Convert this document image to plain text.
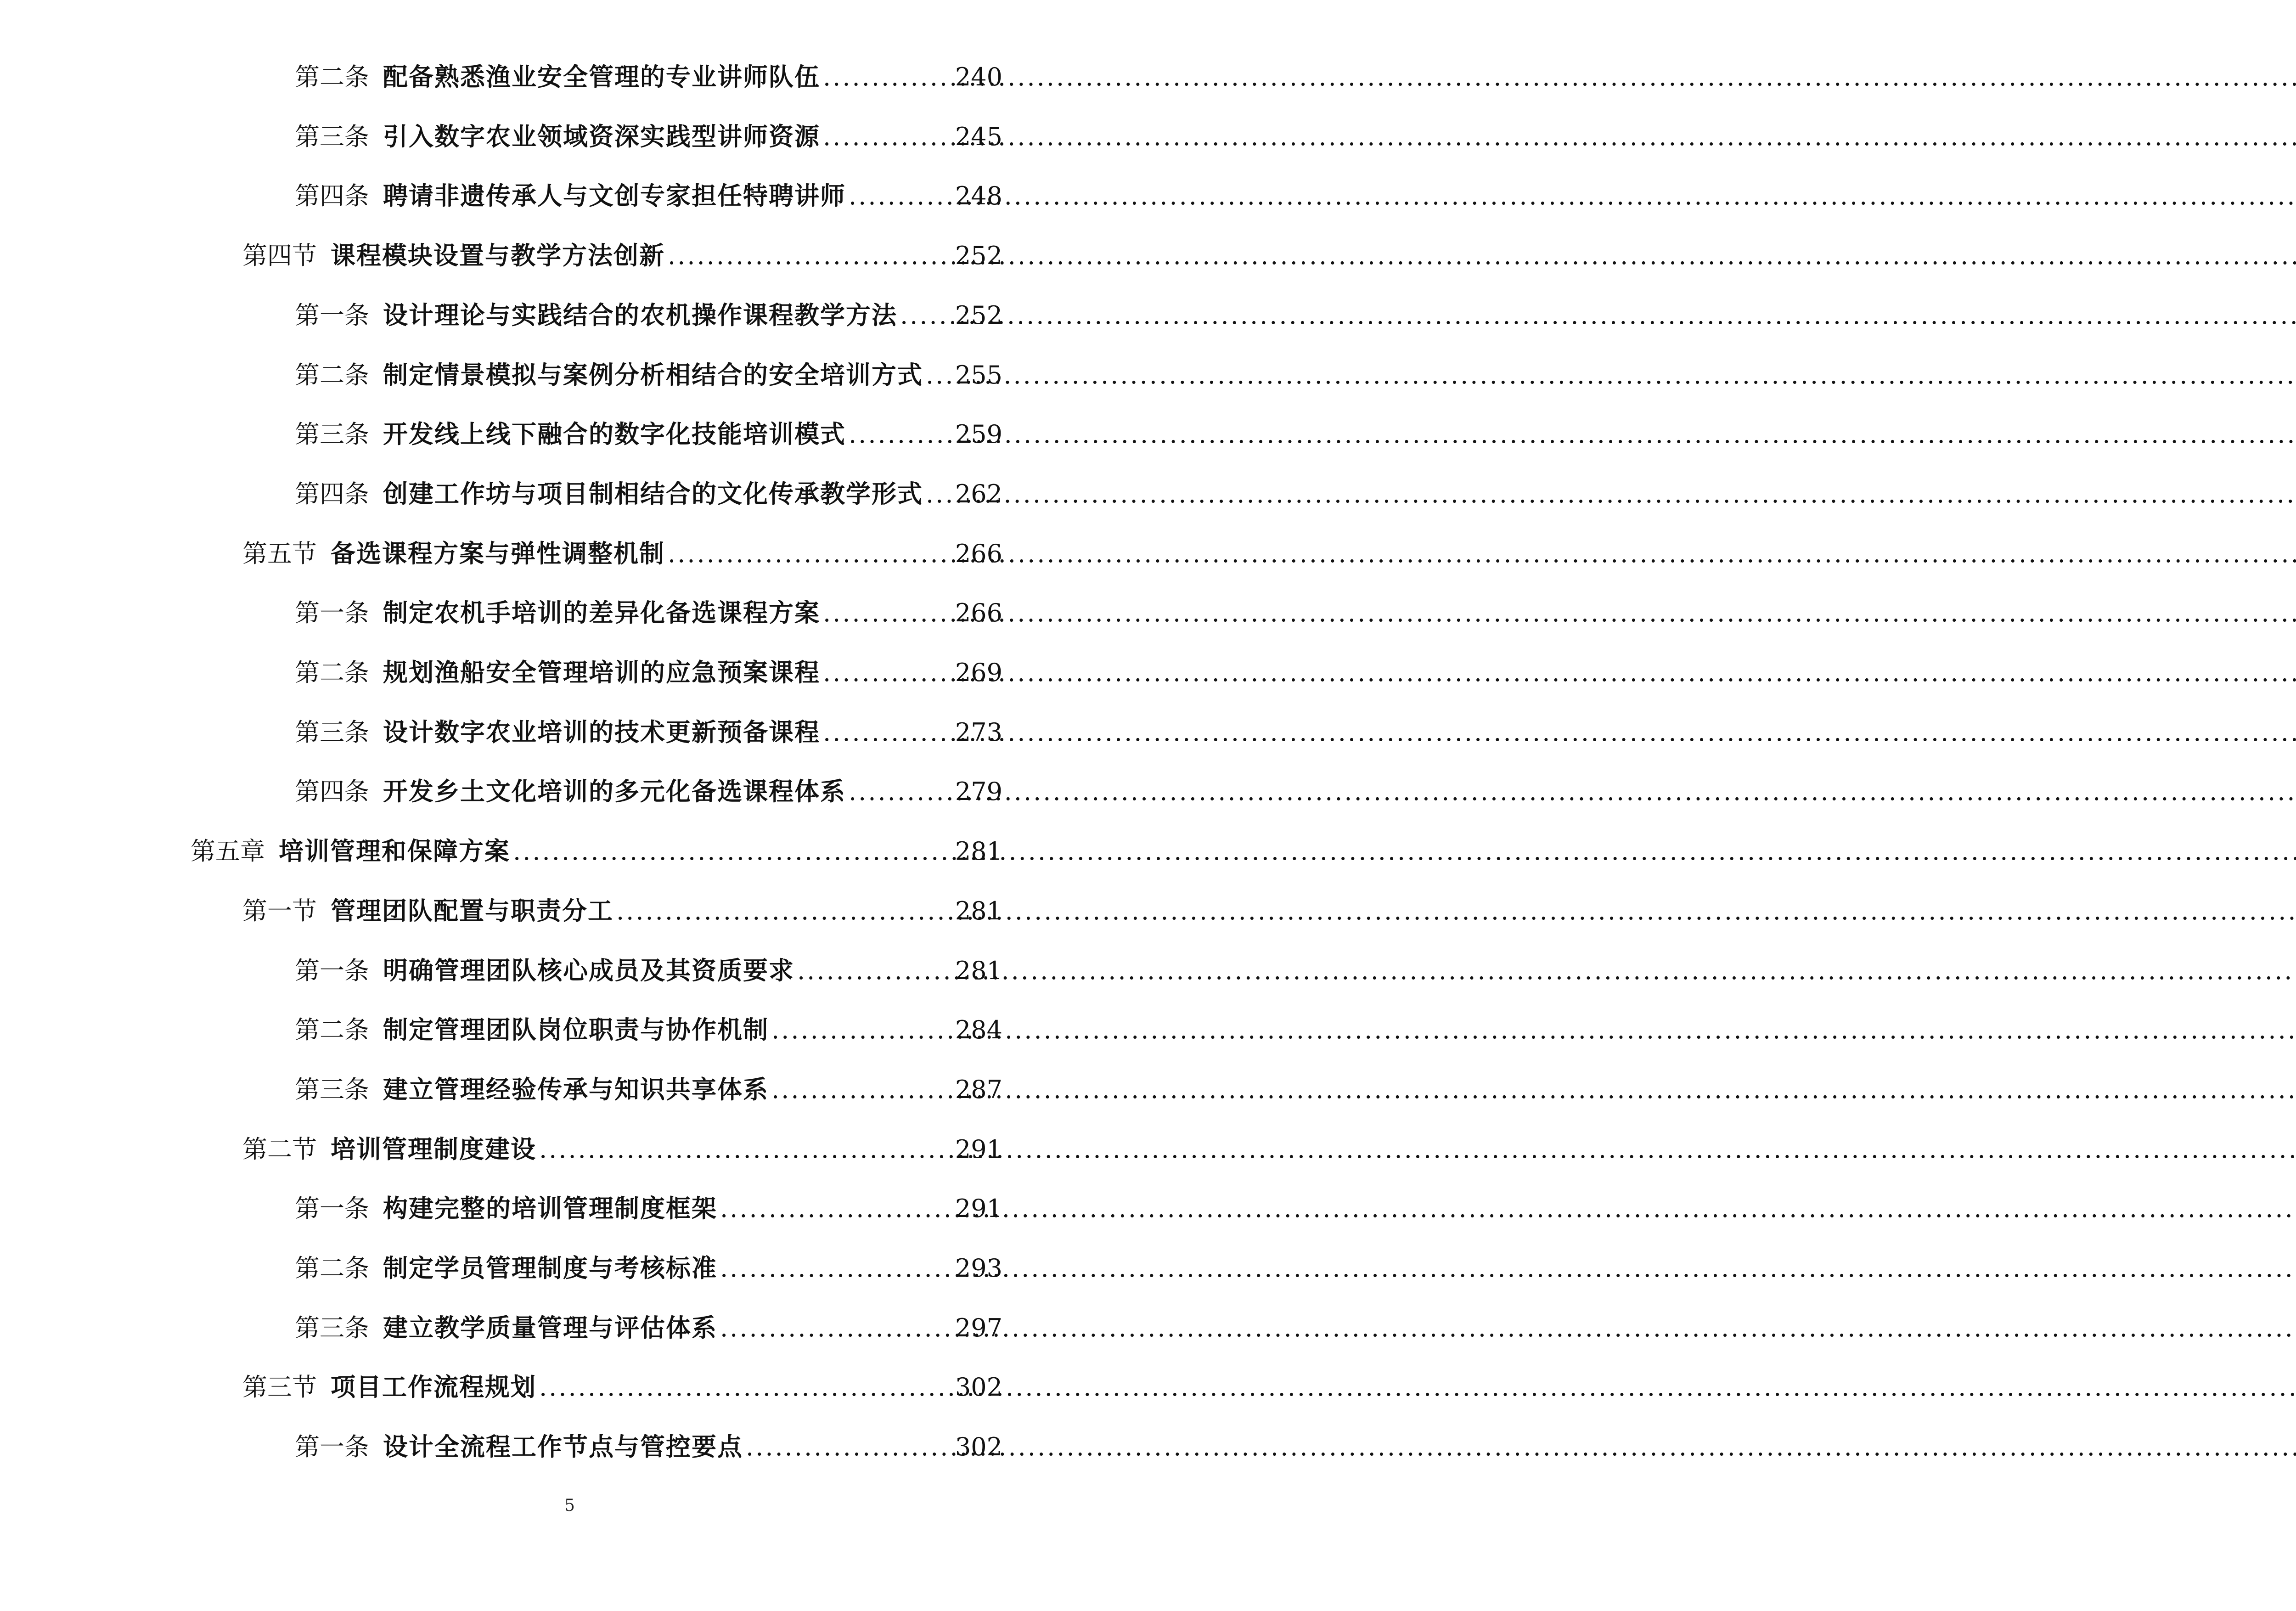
第二条 配备熟悉渔业安全管理的专业讲师队伍 .....	240
第三条 引入数字农业领域资深实践型讲师资源 .....	245
第四条 聘请非遗传承人与文创专家担任特聘讲师 .....	248
第四节 课程模块设置与教学方法创新 .....	252
第一条 设计理论与实践结合的农机操作课程教学方法 ..... 252
第二条 制定情景模拟与案例分析相结合的安全培训方式 ..... 255
第三条 开发线上线下融合的数字化技能培训模式 .....	259
第四条 创建工作坊与项目制相结合的文化传承教学形式 ..... 262
第五节 备选课程方案与弹性调整机制 .....	266
第一条 制定农机手培训的差异化备选课程方案 .....	266
第二条 规划渔船安全管理培训的应急预案课程 .....	269
第三条 设计数字农业培训的技术更新预备课程 .....	273
第四条 开发乡土文化培训的多元化备选课程体系 .....	279
第五章 培训管理和保障方案 .....	281
第一节 管理团队配置与职责分工 .....	281
第一条 明确管理团队核心成员及其资质要求 .....	281
第二条 制定管理团队岗位职责与协作机制 .....	284
第三条 建立管理经验传承与知识共享体系 .....	287
第二节 培训管理制度建设 .....	291
第一条 构建完整的培训管理制度框架 .....	291
第二条 制定学员管理制度与考核标准 .....	293
第三条 建立教学质量管理与评估体系 .....	297
第三节 项目工作流程规划 .....	302
第一条 设计全流程工作节点与管控要点 .....	302
5
